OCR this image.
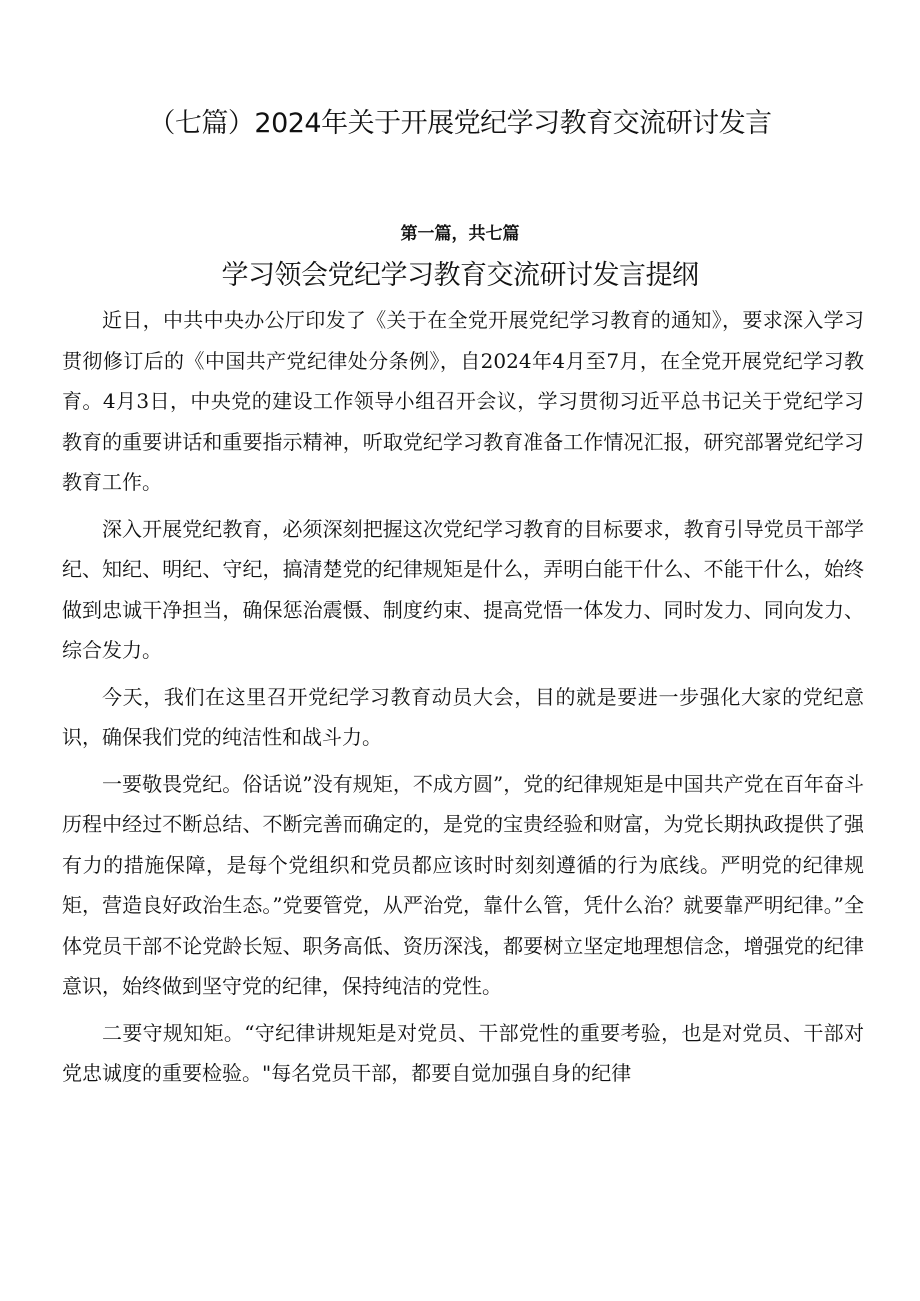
（七篇）2024年关于开展党纪学习教育交流研讨发言
第一篇，共七篇
学习领会党纪学习教育交流研讨发言提纲

近日，中共中央办公厅印发了《关于在全党开展党纪学习教育的通知》，要求深入学习贯彻修订后的《中国共产党纪律处分条例》，自2024年4月至7月，在全党开展党纪学习教育。4月3日，中央党的建设工作领导小组召开会议，学习贯彻习近平总书记关于党纪学习教育的重要讲话和重要指示精神，听取党纪学习教育准备工作情况汇报，研究部署党纪学习教育工作。

深入开展党纪教育，必须深刻把握这次党纪学习教育的目标要求，教育引导党员干部学纪、知纪、明纪、守纪，搞清楚党的纪律规矩是什么，弄明白能干什么、不能干什么，始终做到忠诚干净担当，确保惩治震慑、制度约束、提高党悟一体发力、同时发力、同向发力、综合发力。

今天，我们在这里召开党纪学习教育动员大会，目的就是要进一步强化大家的党纪意识，确保我们党的纯洁性和战斗力。

一要敬畏党纪。俗话说”没有规矩，不成方圆”，党的纪律规矩是中国共产党在百年奋斗历程中经过不断总结、不断完善而确定的，是党的宝贵经验和财富，为党长期执政提供了强有力的措施保障，是每个党组织和党员都应该时时刻刻遵循的行为底线。严明党的纪律规矩，营造良好政治生态。”党要管党，从严治党，靠什么管，凭什么治？就要靠严明纪律。”全体党员干部不论党龄长短、职务高低、资历深浅，都要树立坚定地理想信念，增强党的纪律意识，始终做到坚守党的纪律，保持纯洁的党性。

二要守规知矩。“守纪律讲规矩是对党员、干部党性的重要考验，也是对党员、干部对党忠诚度的重要检验。"每名党员干部，都要自觉加强自身的纪律
